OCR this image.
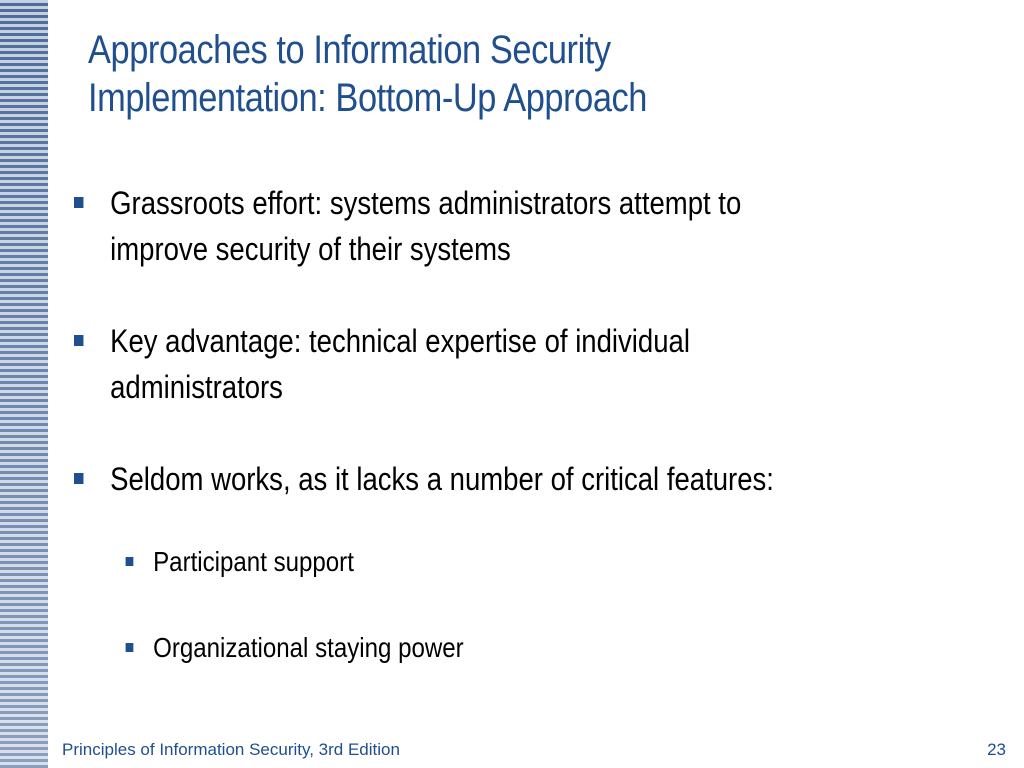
Approaches to Information Security
Implementation: Bottom-Up Approach
Grassroots effort: systems administrators attempt to
improve security of their systems
Key advantage: technical expertise of individual
administrators
Seldom works, as it lacks a number of critical features:
Participant support
Organizational staying power
Principles of Information Security, 3rd Edition	23
